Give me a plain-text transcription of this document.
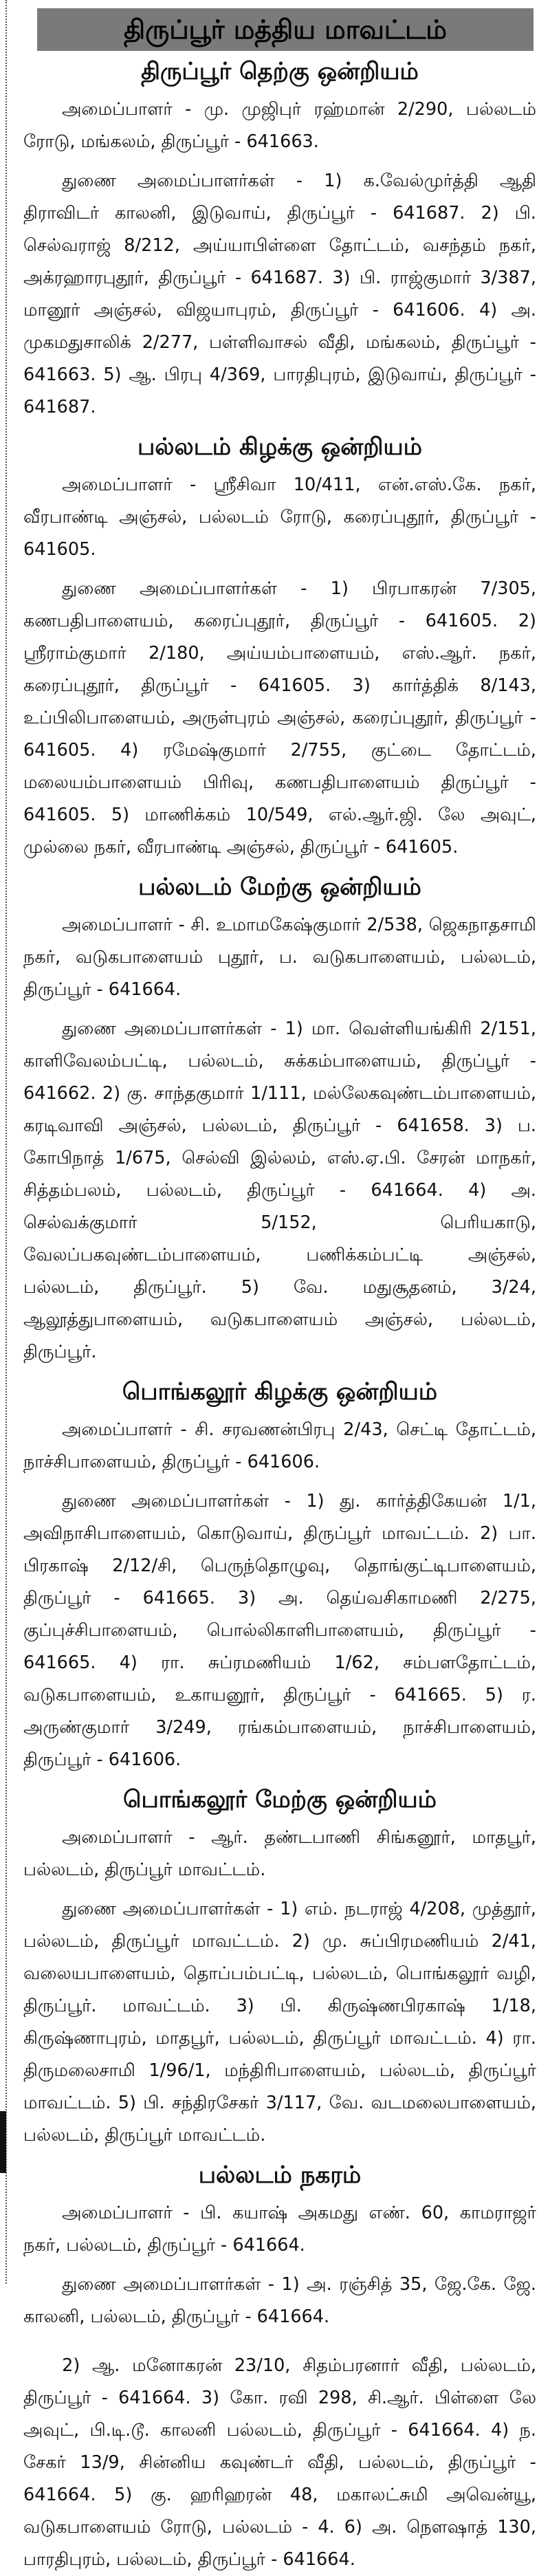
திருப்பூர் மத்திய மாவட்டம்
திருப்பூர் தெற்கு ஒன்றியம்

அமைப்பாளர் - மு. முஜிபுர் ரஹ்மான் 2/290, பல்லடம் ரோடு, மங்கலம், திருப்பூர் - 641663.

துணை அமைப்பாளர்கள் - 1) க.வேல்முர்த்தி ஆதி திராவிடர் காலனி, இடுவாய், திருப்பூர் - 641687. 2) பி. செல்வராஜ் 8/212, அய்யாபிள்ளை தோட்டம், வசந்தம் நகர், அக்ரஹாரபுதூர், திருப்பூர் - 641687. 3) பி. ராஜ்குமார் 3/387, மானூர் அஞ்சல், விஜயாபுரம், திருப்பூர் - 641606. 4) அ. முகமதுசாலிக் 2/277, பள்ளிவாசல் வீதி, மங்கலம், திருப்பூர் - 641663. 5) ஆ. பிரபு 4/369, பாரதிபுரம், இடுவாய், திருப்பூர் - 641687.

பல்லடம் கிழக்கு ஒன்றியம்

அமைப்பாளர் - ஸ்ரீசிவா 10/411, என்.எஸ்.கே. நகர், வீரபாண்டி அஞ்சல், பல்லடம் ரோடு, கரைப்புதூர், திருப்பூர் - 641605.

துணை அமைப்பாளர்கள் - 1) பிரபாகரன் 7/305, கணபதிபாளையம், கரைப்புதூர், திருப்பூர் - 641605. 2) ஸ்ரீராம்குமார் 2/180, அய்யம்பாளையம், எஸ்.ஆர். நகர், கரைப்புதூர், திருப்பூர் - 641605. 3) கார்த்திக் 8/143, உப்பிலிபாளையம், அருள்புரம் அஞ்சல், கரைப்புதூர், திருப்பூர் - 641605. 4) ரமேஷ்குமார் 2/755, குட்டை தோட்டம், மலையம்பாளையம் பிரிவு, கணபதிபாளையம் திருப்பூர் - 641605. 5) மாணிக்கம் 10/549, எல்.ஆர்.ஜி. லே அவுட், முல்லை நகர், வீரபாண்டி அஞ்சல், திருப்பூர் - 641605.

பல்லடம் மேற்கு ஒன்றியம்

அமைப்பாளர் - சி. உமாமகேஷ்குமார் 2/538, ஜெகநாதசாமி நகர், வடுகபாளையம் புதூர், ப. வடுகபாளையம், பல்லடம், திருப்பூர் - 641664.

துணை அமைப்பாளர்கள் - 1) மா. வெள்ளியங்கிரி 2/151, காளிவேலம்பட்டி, பல்லடம், சுக்கம்பாளையம், திருப்பூர் - 641662. 2) கு. சாந்தகுமார் 1/111, மல்லேகவுண்டம்பாளையம், கரடிவாவி அஞ்சல், பல்லடம், திருப்பூர் - 641658. 3) ப. கோபிநாத் 1/675, செல்வி இல்லம், எஸ்.ஏ.பி. சேரன் மாநகர், சித்தம்பலம், பல்லடம், திருப்பூர் - 641664. 4) அ. செல்வக்குமார் 5/152, பெரியகாடு, வேலப்பகவுண்டம்பாளையம், பணிக்கம்பட்டி அஞ்சல், பல்லடம், திருப்பூர். 5) வே. மதுசூதனம், 3/24, ஆலூத்துபாளையம், வடுகபாளையம் அஞ்சல், பல்லடம், திருப்பூர்.

பொங்கலூர் கிழக்கு ஒன்றியம்

அமைப்பாளர் - சி. சரவணன்பிரபு 2/43, செட்டி தோட்டம், நாச்சிபாளையம், திருப்பூர் - 641606.

துணை அமைப்பாளர்கள் - 1) து. கார்த்திகேயன் 1/1, அவிநாசிபாளையம், கொடுவாய், திருப்பூர் மாவட்டம். 2) பா. பிரகாஷ் 2/12/சி, பெருந்தொழுவு, தொங்குட்டிபாளையம், திருப்பூர் - 641665. 3) அ. தெய்வசிகாமணி 2/275, குப்புச்சிபாளையம், பொல்லிகாளிபாளையம், திருப்பூர் - 641665. 4) ரா. சுப்ரமணியம் 1/62, சம்பளதோட்டம், வடுகபாளையம், உகாயனூர், திருப்பூர் - 641665. 5) ர. அருண்குமார் 3/249, ரங்கம்பாளையம், நாச்சிபாளையம், திருப்பூர் - 641606.

பொங்கலூர் மேற்கு ஒன்றியம்

அமைப்பாளர் - ஆர். தண்டபாணி சிங்கனூர், மாதபூர், பல்லடம், திருப்பூர் மாவட்டம்.

துணை அமைப்பாளர்கள் - 1) எம். நடராஜ் 4/208, முத்தூர், பல்லடம், திருப்பூர் மாவட்டம். 2) மு. சுப்பிரமணியம் 2/41, வலையபாளையம், தொப்பம்பட்டி, பல்லடம், பொங்கலூர் வழி, திருப்பூர். மாவட்டம். 3) பி. கிருஷ்ணபிரகாஷ் 1/18, கிருஷ்ணாபுரம், மாதபூர், பல்லடம், திருப்பூர் மாவட்டம். 4) ரா. திருமலைசாமி 1/96/1, மந்திரிபாளையம், பல்லடம், திருப்பூர் மாவட்டம். 5) பி. சந்திரசேகர் 3/117, வே. வடமலைபாளையம், பல்லடம், திருப்பூர் மாவட்டம்.

பல்லடம் நகரம்

அமைப்பாளர் - பி. கயாஷ் அகமது எண். 60, காமராஜர் நகர், பல்லடம், திருப்பூர் - 641664.

துணை அமைப்பாளர்கள் - 1) அ. ரஞ்சித் 35, ஜே.கே. ஜே. காலனி, பல்லடம், திருப்பூர் - 641664.

2) ஆ. மனோகரன் 23/10, சிதம்பரனார் வீதி, பல்லடம், திருப்பூர் - 641664. 3) கோ. ரவி 298, சி.ஆர். பிள்ளை லே அவுட், பி.டி.டூ. காலனி பல்லடம், திருப்பூர் - 641664. 4) ந. சேகர் 13/9, சின்னிய கவுண்டர் வீதி, பல்லடம், திருப்பூர் - 641664. 5) கு. ஹரிஹரன் 48, மகாலட்சுமி அவென்யூ, வடுகபாளையம் ரோடு, பல்லடம் - 4. 6) அ. நௌஷாத் 130, பாரதிபுரம், பல்லடம், திருப்பூர் - 641664.
